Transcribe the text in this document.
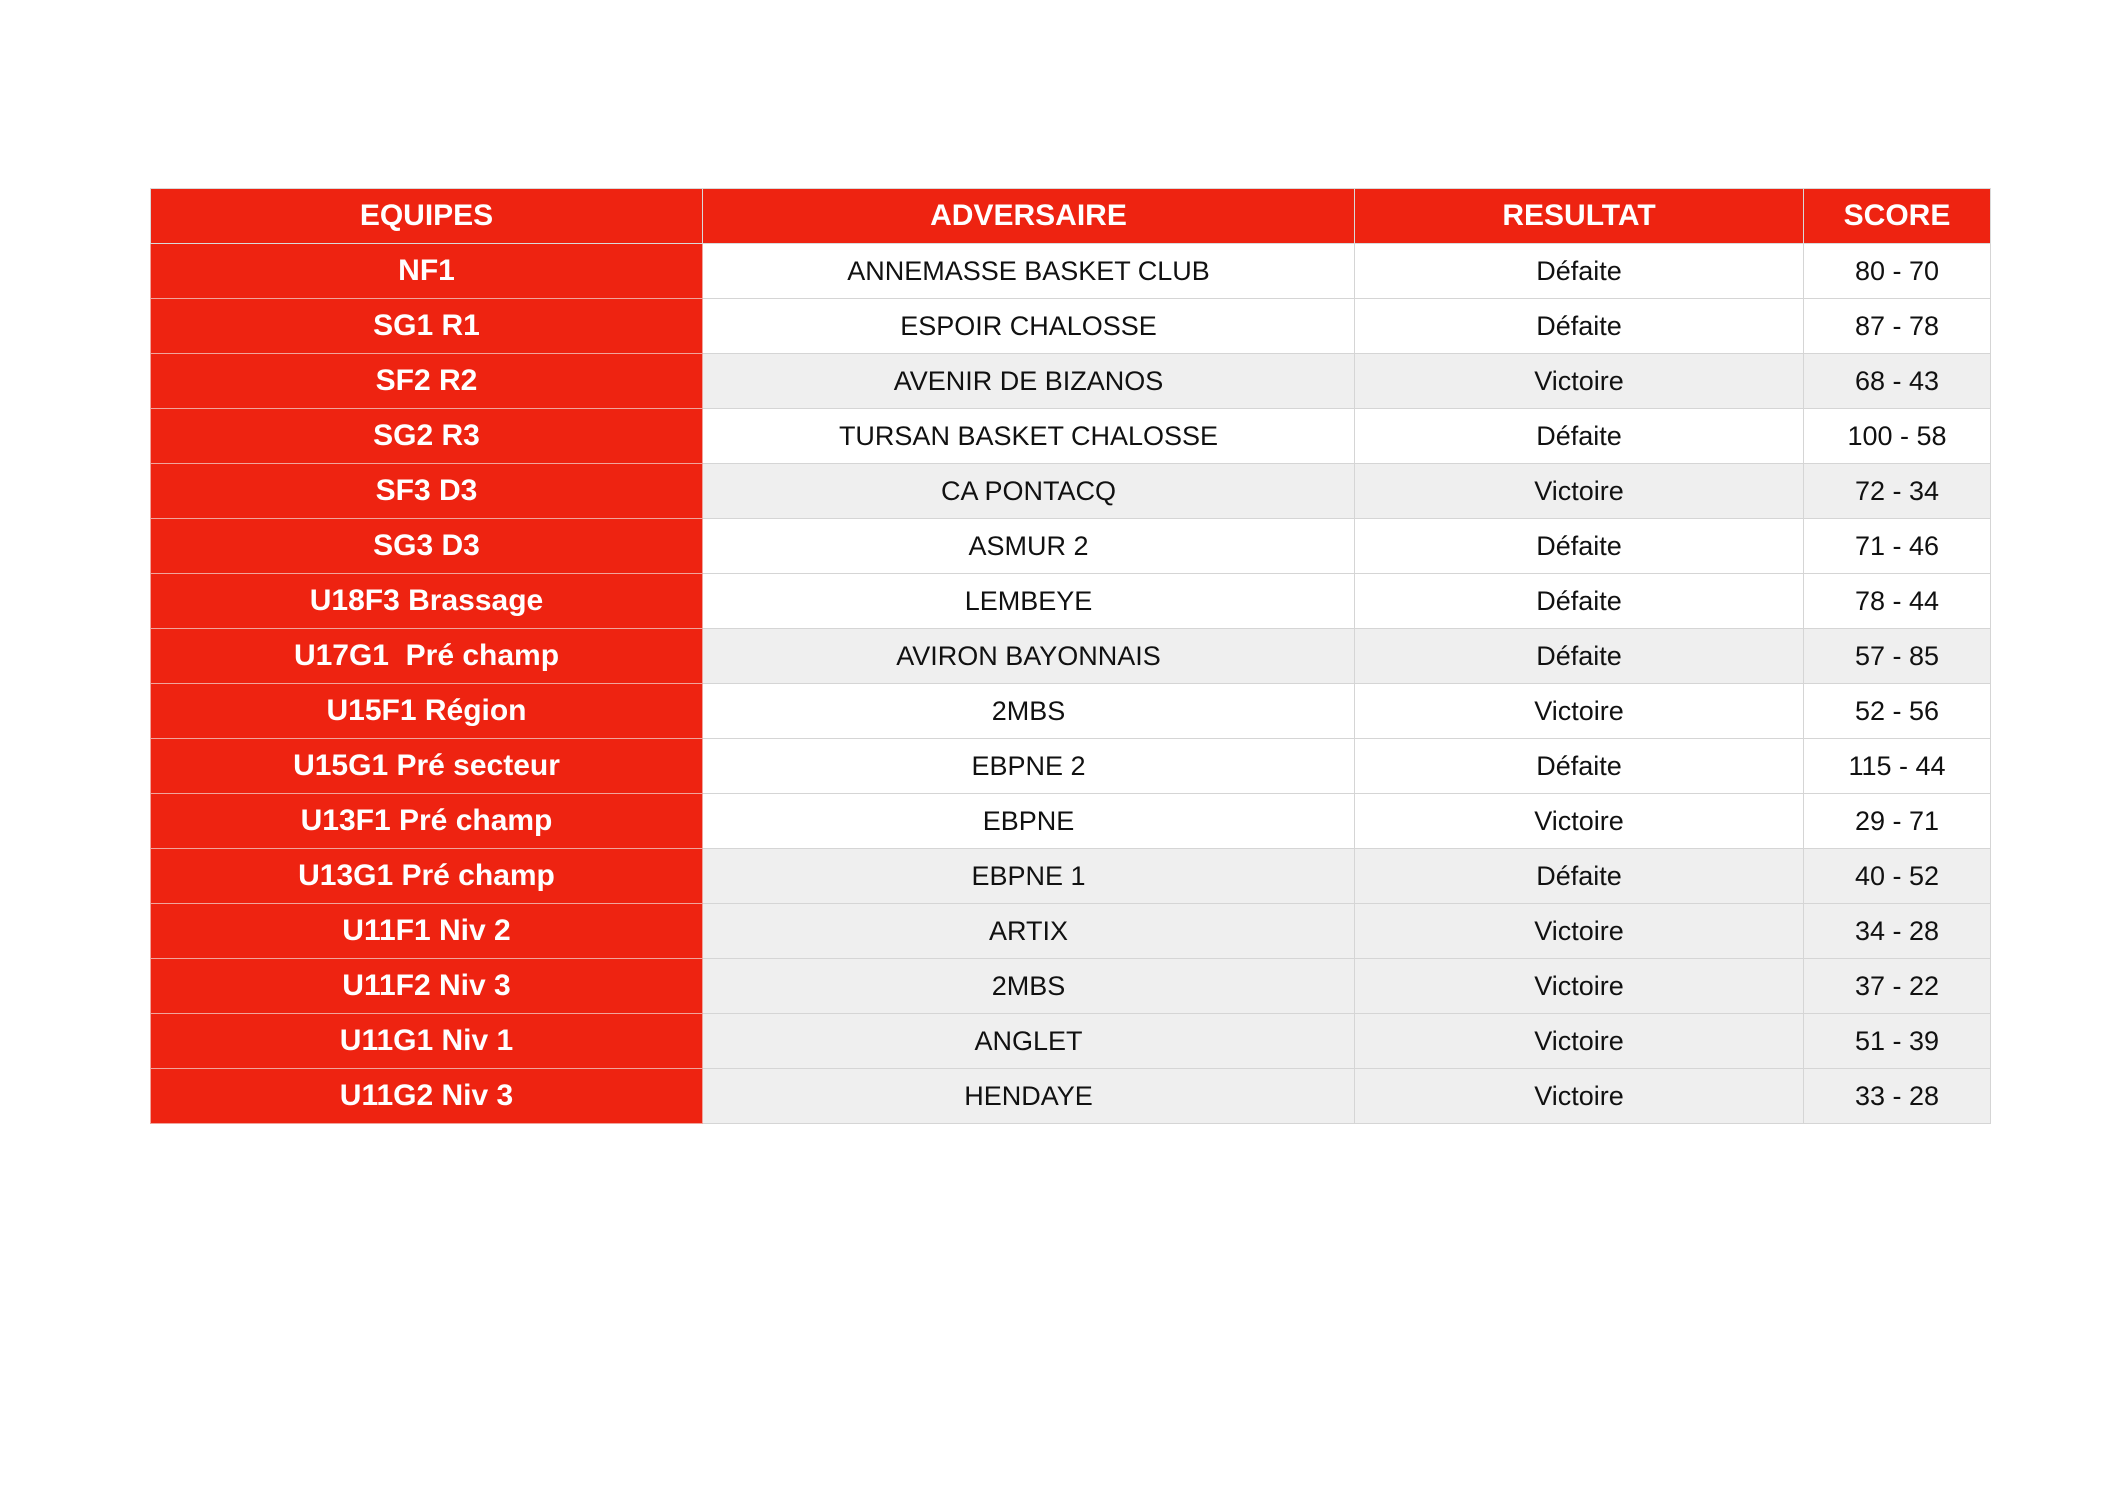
EQUIPES	ADVERSAIRE	RESULTAT	SCORE
NF1	ANNEMASSE BASKET CLUB	Défaite	80 - 70
SG1 R1	ESPOIR CHALOSSE	Défaite	87 - 78
SF2 R2	AVENIR DE BIZANOS	Victoire	68 - 43
SG2 R3	TURSAN BASKET CHALOSSE	Défaite	100 - 58
SF3 D3	CA PONTACQ	Victoire	72 - 34
SG3 D3	ASMUR 2	Défaite	71 - 46
U18F3 Brassage	LEMBEYE	Défaite	78 - 44
U17G1  Pré champ	AVIRON BAYONNAIS	Défaite	57 - 85
U15F1 Région	2MBS	Victoire	52 - 56
U15G1 Pré secteur	EBPNE 2	Défaite	115 - 44
U13F1 Pré champ	EBPNE	Victoire	29 - 71
U13G1 Pré champ	EBPNE 1	Défaite	40 - 52
U11F1 Niv 2	ARTIX	Victoire	34 - 28
U11F2 Niv 3	2MBS	Victoire	37 - 22
U11G1 Niv 1	ANGLET	Victoire	51 - 39
U11G2 Niv 3	HENDAYE	Victoire	33 - 28
